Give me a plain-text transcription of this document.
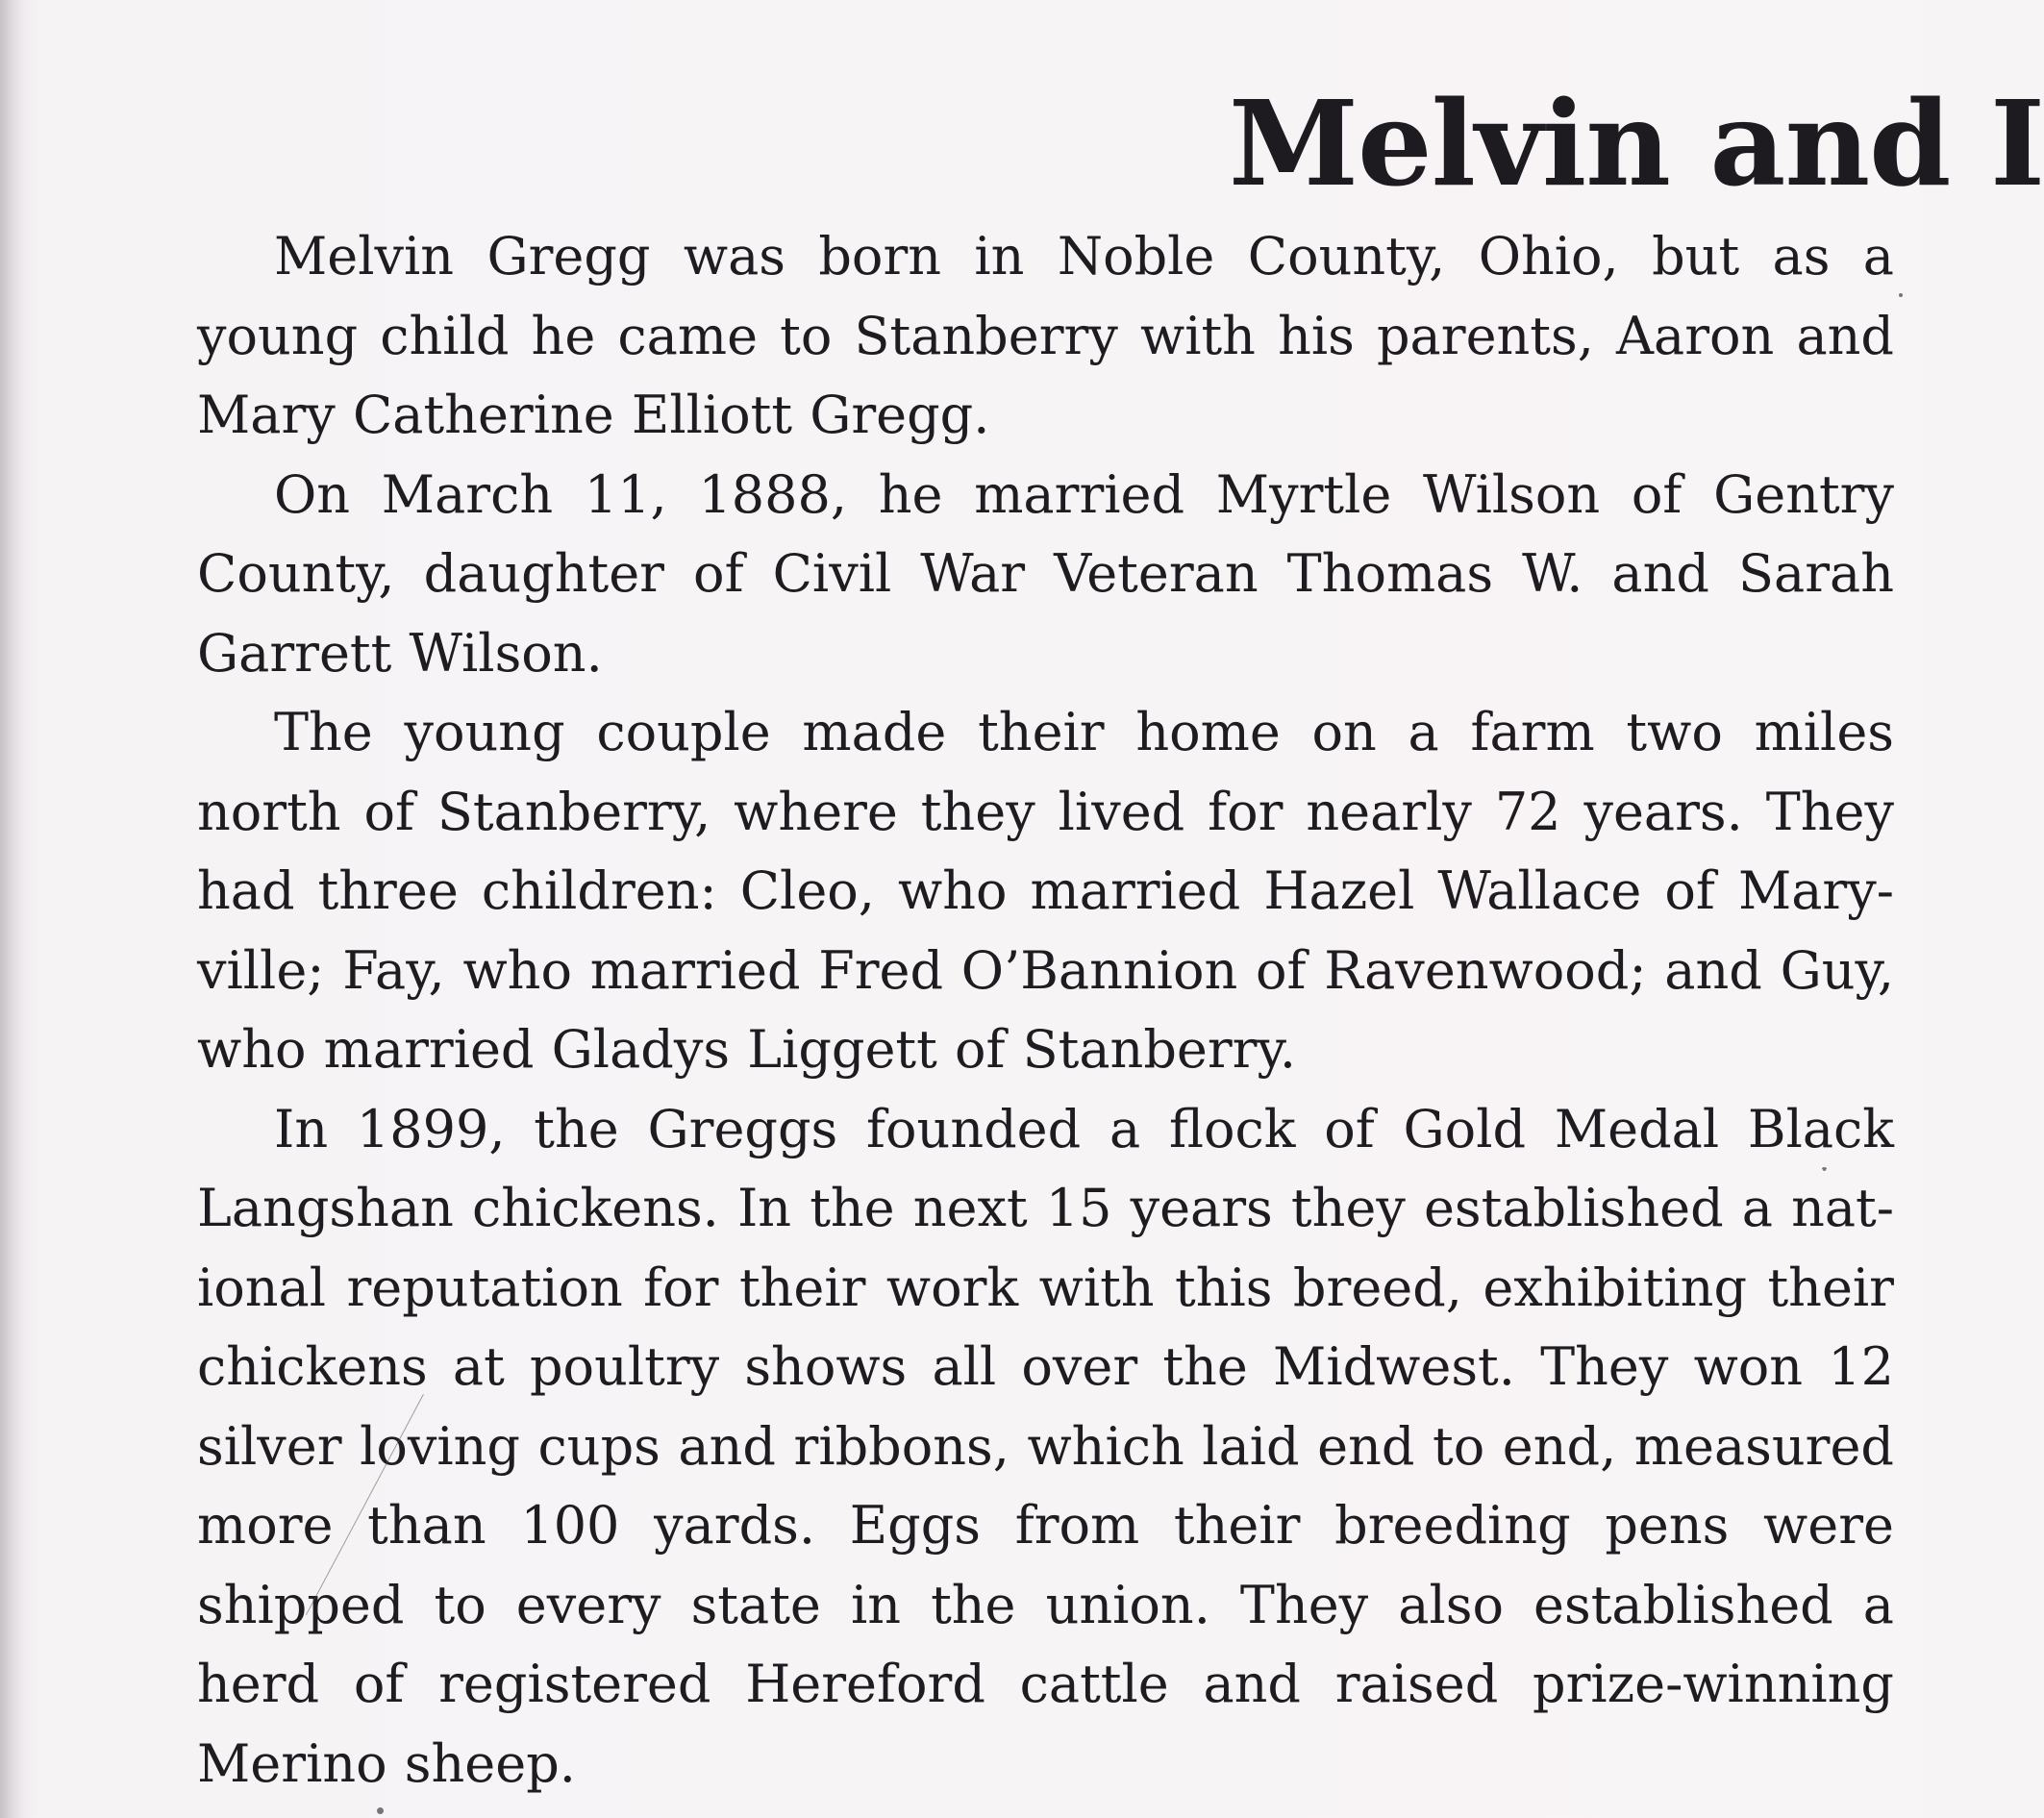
Melvin and I

Melvin Gregg was born in Noble County, Ohio, but as a young child he came to Stanberry with his parents, Aaron and Mary Catherine Elliott Gregg.

On March 11, 1888, he married Myrtle Wilson of Gentry County, daughter of Civil War Veteran Thomas W. and Sarah Garrett Wilson.

The young couple made their home on a farm two miles north of Stanberry, where they lived for nearly 72 years. They had three children: Cleo, who married Hazel Wallace of Mary-ville; Fay, who married Fred O’Bannion of Ravenwood; and Guy, who married Gladys Liggett of Stanberry.

In 1899, the Greggs founded a flock of Gold Medal Black Langshan chickens. In the next 15 years they established a nat-ional reputation for their work with this breed, exhibiting their chickens at poultry shows all over the Midwest. They won 12 silver loving cups and ribbons, which laid end to end, measured more than 100 yards. Eggs from their breeding pens were shipped to every state in the union. They also established a herd of registered Hereford cattle and raised prize-winning Merino sheep.
